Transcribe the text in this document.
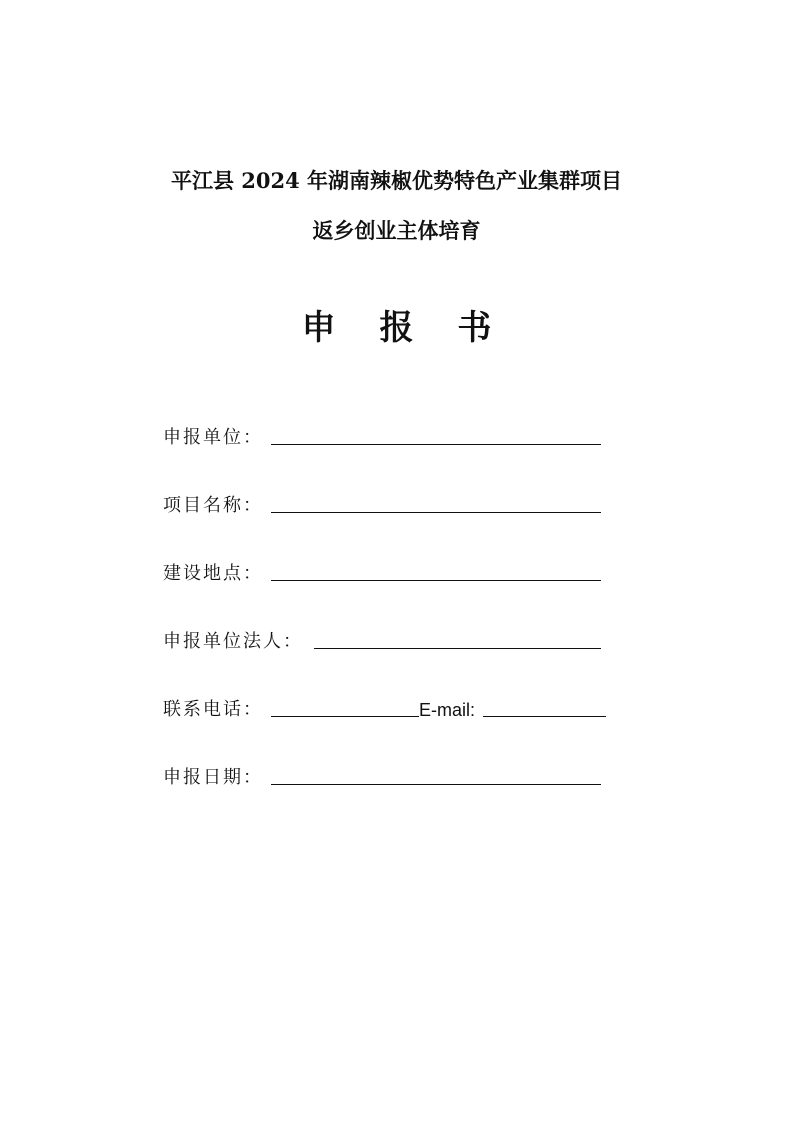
平江县 2024 年湖南辣椒优势特色产业集群项目
返乡创业主体培育
申 报 书
申报单位：
项目名称：
建设地点：
申报单位法人：
联系电话：	E-mail:
申报日期：
